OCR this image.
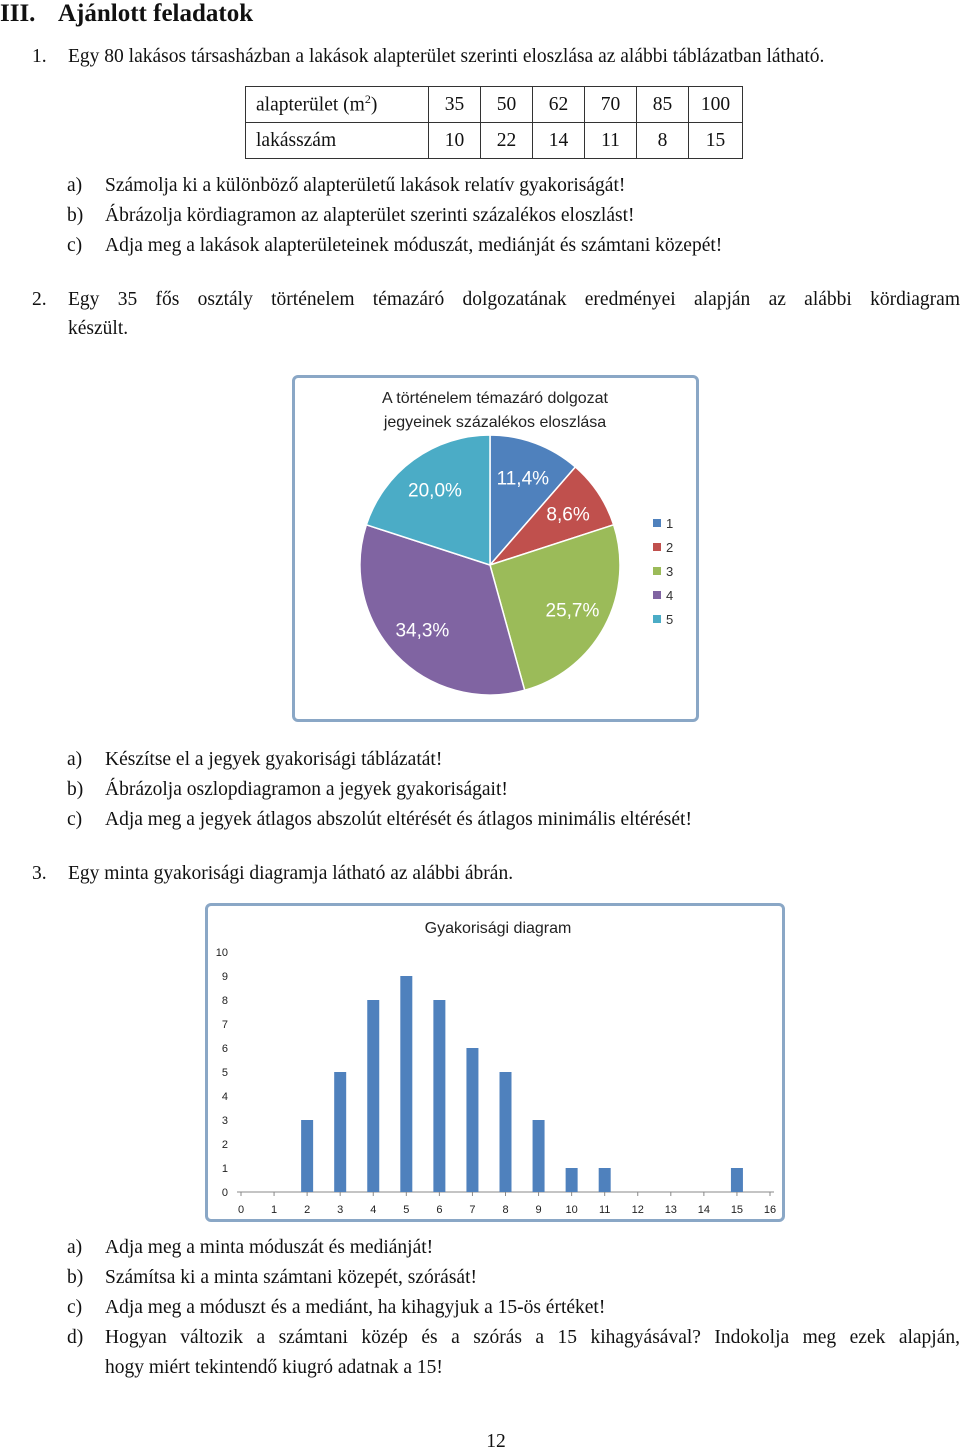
III. Ajánlott feladatok
1. Egy 80 lakásos társasházban a lakások alapterület szerinti eloszlása az alábbi táblázatban látható.
alapterület $(m^2)$	35	50	62	70	85	100
lakásszám	10	22	14	11	8	15
a) Számolja ki a különböző alapterületű lakások relatív gyakoriságát!
b) Ábrázolja kördiagramon az alapterület szerinti százalékos eloszlást!
c) Adja meg a lakások alapterületeinek móduszát, mediánját és számtani közepét!
2. Egy 35 fős osztály történelem témazáró dolgozatának eredményei alapján az alábbi kördiagram
készült.
A történelem témazáró dolgozat
jegyeinek százalékos eloszlása
11,4%
8,6%
25,7%
34,3%
20,0%
1
2
3
4
5
a) Készítse el a jegyek gyakorisági táblázatát!
b) Ábrázolja oszlopdiagramon a jegyek gyakoriságait!
c) Adja meg a jegyek átlagos abszolút eltérését és átlagos minimális eltérését!
3. Egy minta gyakorisági diagramja látható az alábbi ábrán.
Gyakorisági diagram
0
1
2
3
4
5
6
7
8
9
10
0 1 2 3 4 5 6 7 8 9 10 11 12 13 14 15 16
a) Adja meg a minta móduszát és mediánját!
b) Számítsa ki a minta számtani közepét, szórását!
c) Adja meg a móduszt és a mediánt, ha kihagyjuk a 15-ös értéket!
d) Hogyan változik a számtani közép és a szórás a 15 kihagyásával? Indokolja meg ezek alapján,
hogy miért tekintendő kiugró adatnak a 15!
12
